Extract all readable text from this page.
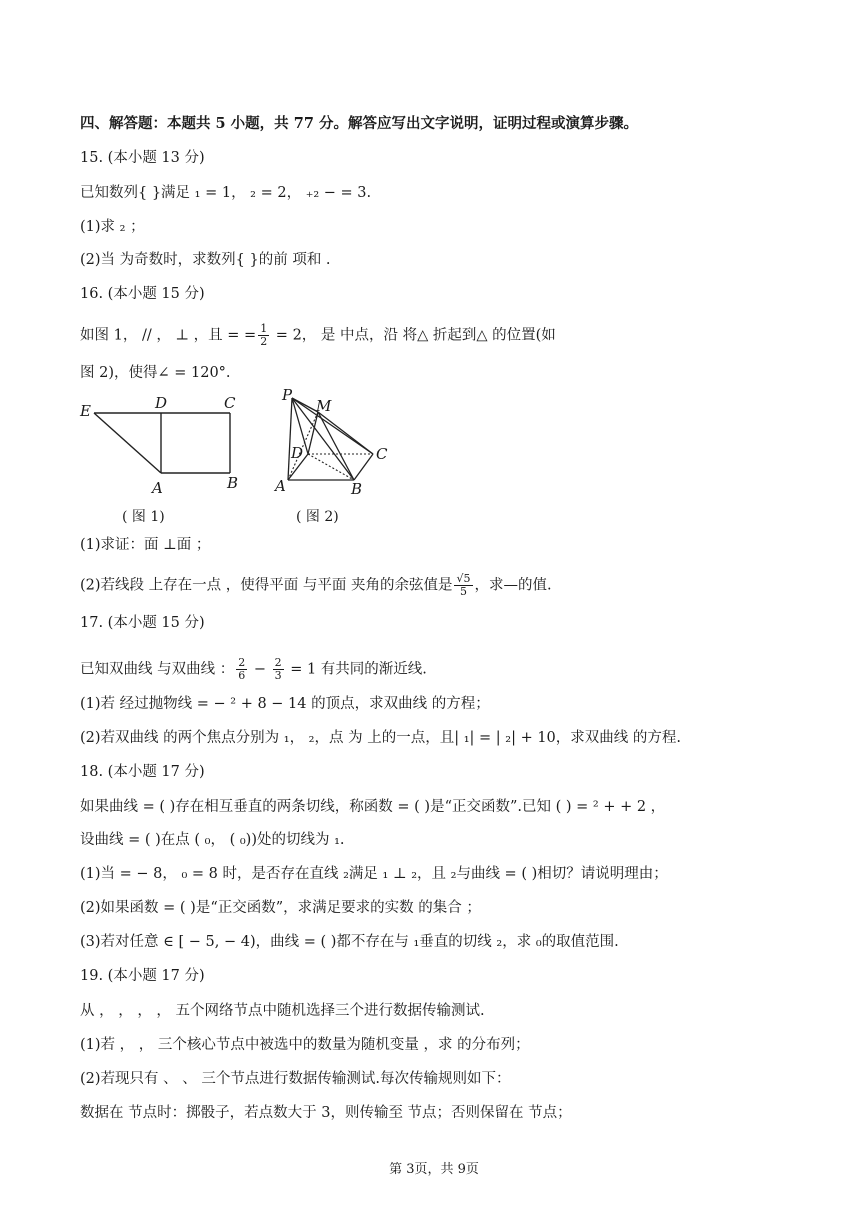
四、解答题：本题共 5 小题，共 77 分。解答应写出文字说明，证明过程或演算步骤。
15. (本小题 13 分)
已知数列{ }满足 ₁ = 1， ₂ = 2， ₊₂ − = 3.
(1)求 ₂ ；
(2)当 为奇数时，求数列{ }的前 项和 .
16. (本小题 15 分)
如图 1， // ， ⊥ ，且 = = $\frac{1}{2} = 2$， 是 中点，沿 将△ 折起到△ 的位置(如
图 2)，使得∠ = 120°.
E	D	C
A	B
( 图 1)
P
M
D	C
A	B
( 图 2)
(1)求证：面 ⊥面 ；
(2)若线段 上存在一点 ，使得平面 与平面 夹角的余弦值是 $\frac{√5}{5}$ ，求—的值.
17. (本小题 15 分)
已知双曲线 与双曲线 ： $\frac{2}{6} - \frac{2}{3} = 1$ 有共同的渐近线.
(1)若 经过抛物线 = − ² + 8 − 14 的顶点，求双曲线 的方程；
(2)若双曲线 的两个焦点分别为 ₁， ₂，点 为 上的一点，且| ₁| = | ₂| + 10，求双曲线 的方程.
18. (本小题 17 分)
如果曲线 = ( )存在相互垂直的两条切线，称函数 = ( )是“正交函数”.已知 ( ) = ² + + 2 ，
设曲线 = ( )在点 ( ₀， ( ₀))处的切线为 ₁.
(1)当 = − 8， ₀ = 8 时，是否存在直线 ₂满足 ₁ ⊥ ₂，且 ₂与曲线 = ( )相切？请说明理由；
(2)如果函数 = ( )是“正交函数”，求满足要求的实数 的集合 ；
(3)若对任意 ∈ [ − 5, − 4)，曲线 = ( )都不存在与 ₁垂直的切线 ₂，求 ₀的取值范围.
19. (本小题 17 分)
从 ， ， ， ， 五个网络节点中随机选择三个进行数据传输测试.
(1)若 ， ， 三个核心节点中被选中的数量为随机变量 ，求 的分布列；
(2)若现只有 、 、 三个节点进行数据传输测试.每次传输规则如下：
数据在 节点时：掷骰子，若点数大于 3，则传输至 节点；否则保留在 节点；
第 3页，共 9页
